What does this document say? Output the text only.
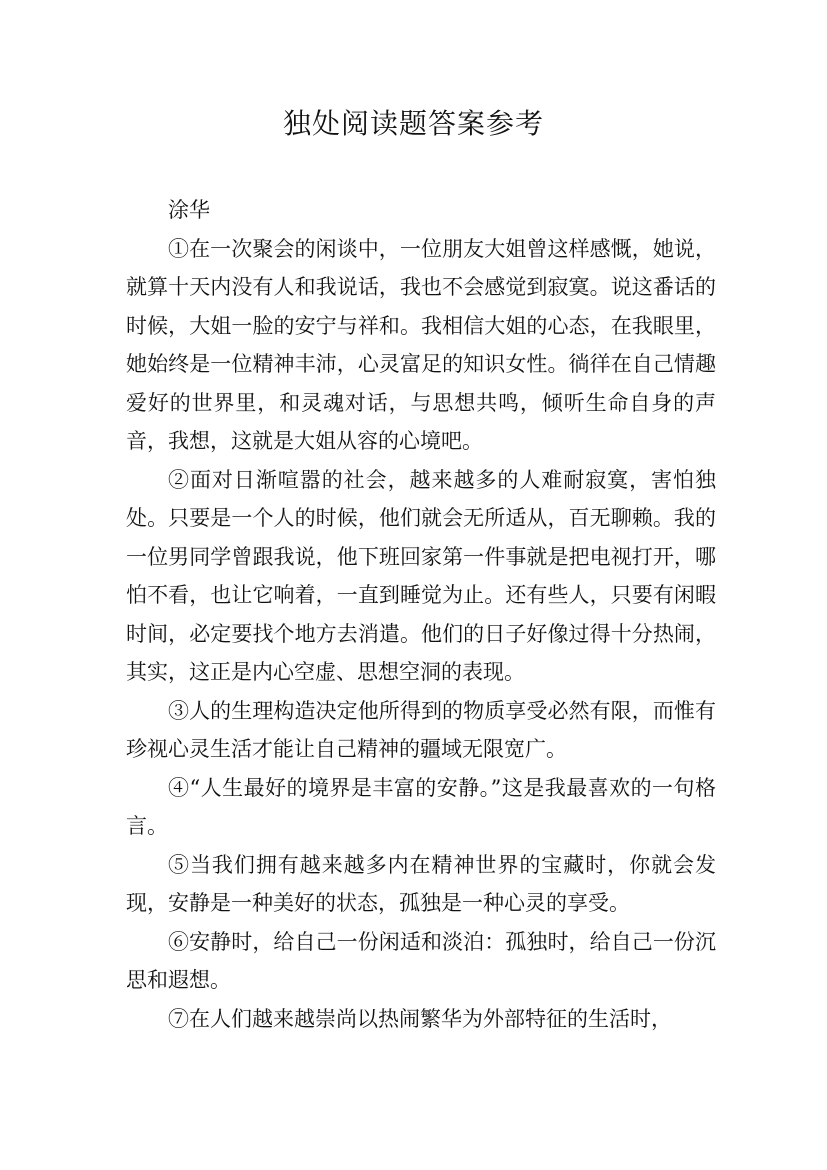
独处阅读题答案参考

涂华

①在一次聚会的闲谈中，一位朋友大姐曾这样感慨，她说，就算十天内没有人和我说话，我也不会感觉到寂寞。说这番话的时候，大姐一脸的安宁与祥和。我相信大姐的心态，在我眼里，她始终是一位精神丰沛，心灵富足的知识女性。徜徉在自己情趣爱好的世界里，和灵魂对话，与思想共鸣，倾听生命自身的声音，我想，这就是大姐从容的心境吧。

②面对日渐喧嚣的社会，越来越多的人难耐寂寞，害怕独处。只要是一个人的时候，他们就会无所适从，百无聊赖。我的一位男同学曾跟我说，他下班回家第一件事就是把电视打开，哪怕不看，也让它响着，一直到睡觉为止。还有些人，只要有闲暇时间，必定要找个地方去消遣。他们的日子好像过得十分热闹，其实，这正是内心空虚、思想空洞的表现。

③人的生理构造决定他所得到的物质享受必然有限，而惟有珍视心灵生活才能让自己精神的疆域无限宽广。

④“人生最好的境界是丰富的安静。”这是我最喜欢的一句格言。

⑤当我们拥有越来越多内在精神世界的宝藏时，你就会发现，安静是一种美好的状态，孤独是一种心灵的享受。

⑥安静时，给自己一份闲适和淡泊：孤独时，给自己一份沉思和遐想。

⑦在人们越来越崇尚以热闹繁华为外部特征的生活时，
